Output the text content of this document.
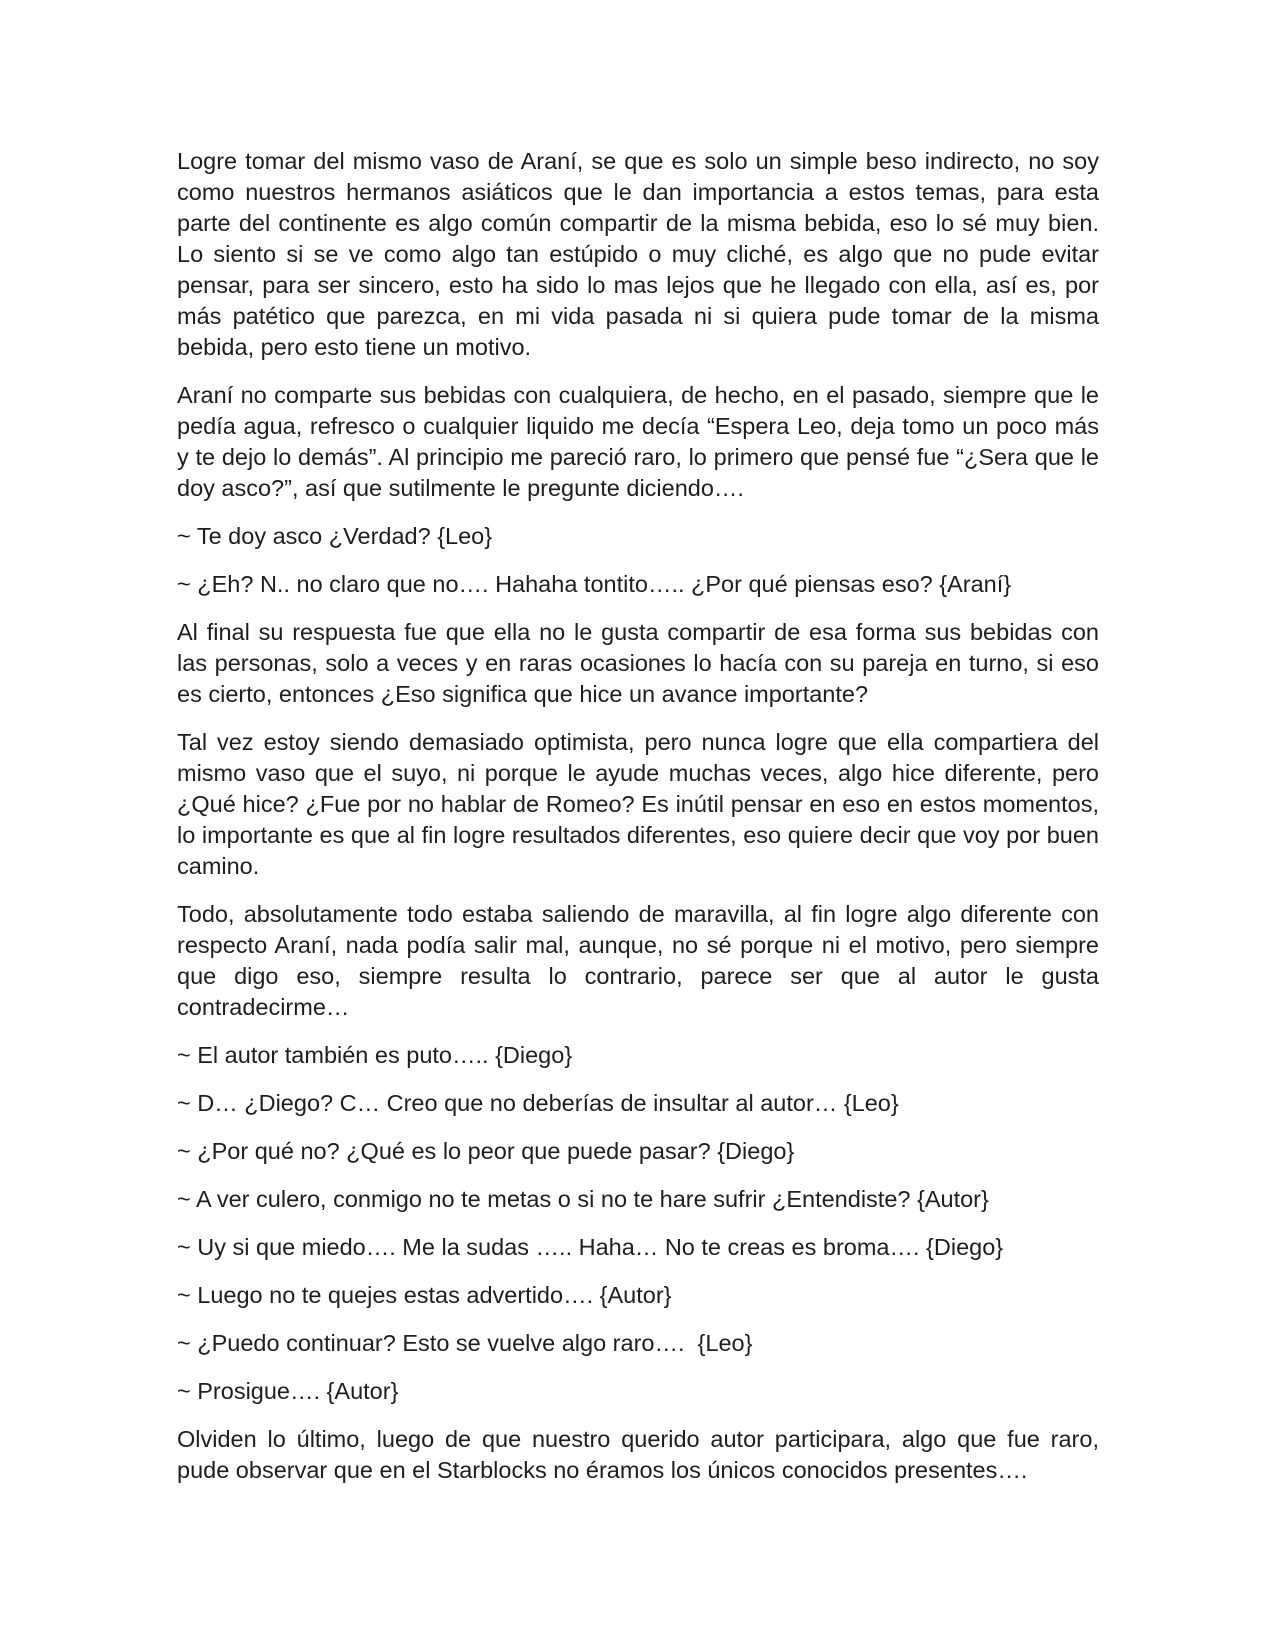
Logre tomar del mismo vaso de Araní, se que es solo un simple beso indirecto, no soy como nuestros hermanos asiáticos que le dan importancia a estos temas, para esta parte del continente es algo común compartir de la misma bebida, eso lo sé muy bien. Lo siento si se ve como algo tan estúpido o muy cliché, es algo que no pude evitar pensar, para ser sincero, esto ha sido lo mas lejos que he llegado con ella, así es, por más patético que parezca, en mi vida pasada ni si quiera pude tomar de la misma bebida, pero esto tiene un motivo.

Araní no comparte sus bebidas con cualquiera, de hecho, en el pasado, siempre que le pedía agua, refresco o cualquier liquido me decía “Espera Leo, deja tomo un poco más y te dejo lo demás”. Al principio me pareció raro, lo primero que pensé fue “¿Sera que le doy asco?”, así que sutilmente le pregunte diciendo….

~ Te doy asco ¿Verdad? {Leo}

~ ¿Eh? N.. no claro que no…. Hahaha tontito….. ¿Por qué piensas eso? {Araní}

Al final su respuesta fue que ella no le gusta compartir de esa forma sus bebidas con las personas, solo a veces y en raras ocasiones lo hacía con su pareja en turno, si eso es cierto, entonces ¿Eso significa que hice un avance importante?

Tal vez estoy siendo demasiado optimista, pero nunca logre que ella compartiera del mismo vaso que el suyo, ni porque le ayude muchas veces, algo hice diferente, pero ¿Qué hice? ¿Fue por no hablar de Romeo? Es inútil pensar en eso en estos momentos, lo importante es que al fin logre resultados diferentes, eso quiere decir que voy por buen camino.

Todo, absolutamente todo estaba saliendo de maravilla, al fin logre algo diferente con respecto Araní, nada podía salir mal, aunque, no sé porque ni el motivo, pero siempre que digo eso, siempre resulta lo contrario, parece ser que al autor le gusta contradecirme…

~ El autor también es puto….. {Diego}

~ D… ¿Diego? C… Creo que no deberías de insultar al autor… {Leo}

~ ¿Por qué no? ¿Qué es lo peor que puede pasar? {Diego}

~ A ver culero, conmigo no te metas o si no te hare sufrir ¿Entendiste? {Autor}

~ Uy si que miedo…. Me la sudas ….. Haha… No te creas es broma…. {Diego}

~ Luego no te quejes estas advertido…. {Autor}

~ ¿Puedo continuar? Esto se vuelve algo raro….  {Leo}

~ Prosigue…. {Autor}

Olviden lo último, luego de que nuestro querido autor participara, algo que fue raro, pude observar que en el Starblocks no éramos los únicos conocidos presentes….
